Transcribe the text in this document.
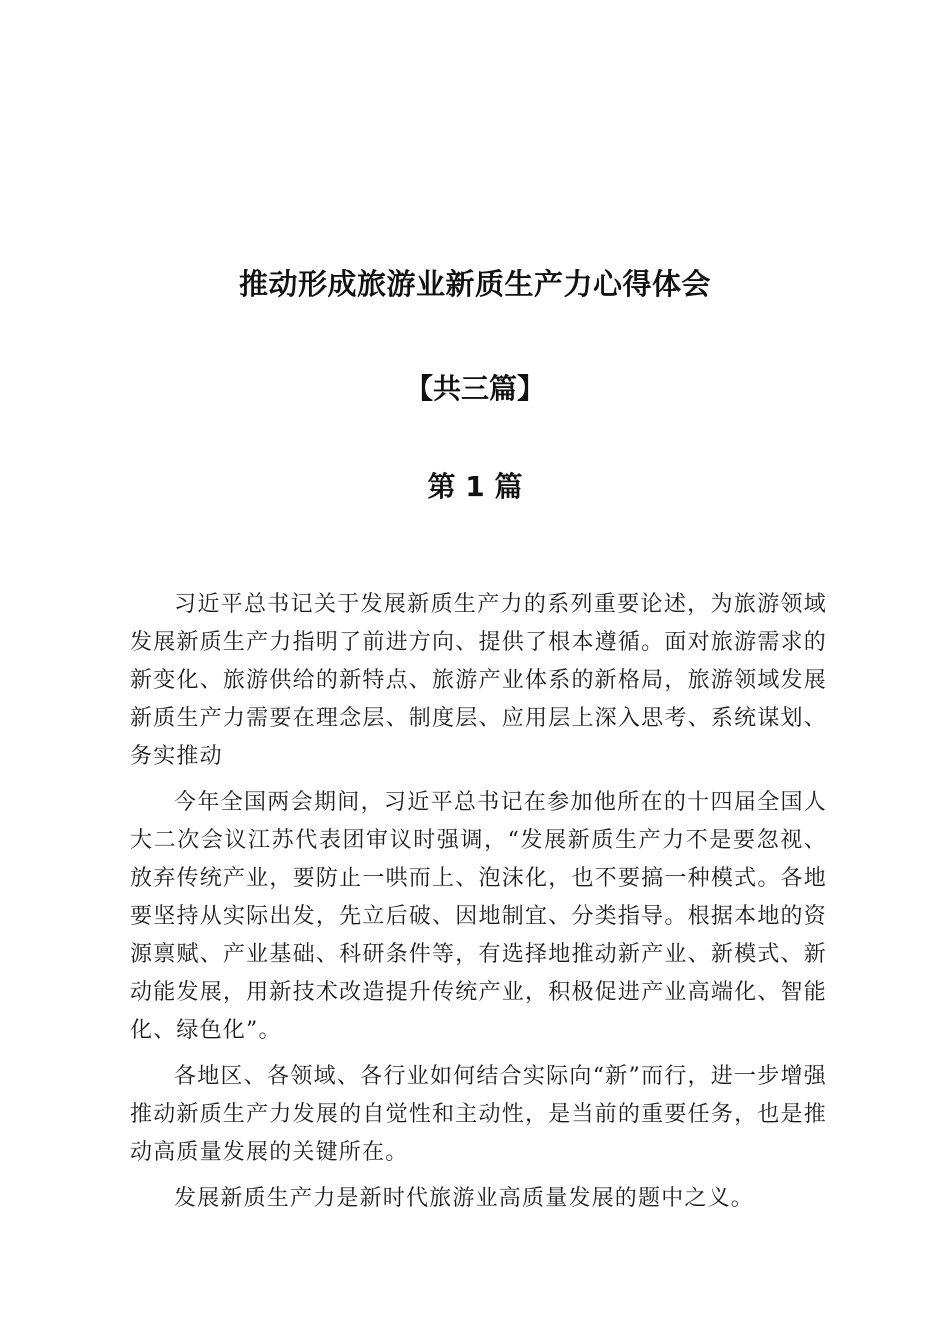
推动形成旅游业新质生产力心得体会
【共三篇】
第 1 篇

习近平总书记关于发展新质生产力的系列重要论述，为旅游领域发展新质生产力指明了前进方向、提供了根本遵循。面对旅游需求的新变化、旅游供给的新特点、旅游产业体系的新格局，旅游领域发展新质生产力需要在理念层、制度层、应用层上深入思考、系统谋划、务实推动

今年全国两会期间，习近平总书记在参加他所在的十四届全国人大二次会议江苏代表团审议时强调，“发展新质生产力不是要忽视、放弃传统产业，要防止一哄而上、泡沫化，也不要搞一种模式。各地要坚持从实际出发，先立后破、因地制宜、分类指导。根据本地的资源禀赋、产业基础、科研条件等，有选择地推动新产业、新模式、新动能发展，用新技术改造提升传统产业，积极促进产业高端化、智能化、绿色化”。

各地区、各领域、各行业如何结合实际向“新”而行，进一步增强推动新质生产力发展的自觉性和主动性，是当前的重要任务，也是推动高质量发展的关键所在。

发展新质生产力是新时代旅游业高质量发展的题中之义。
